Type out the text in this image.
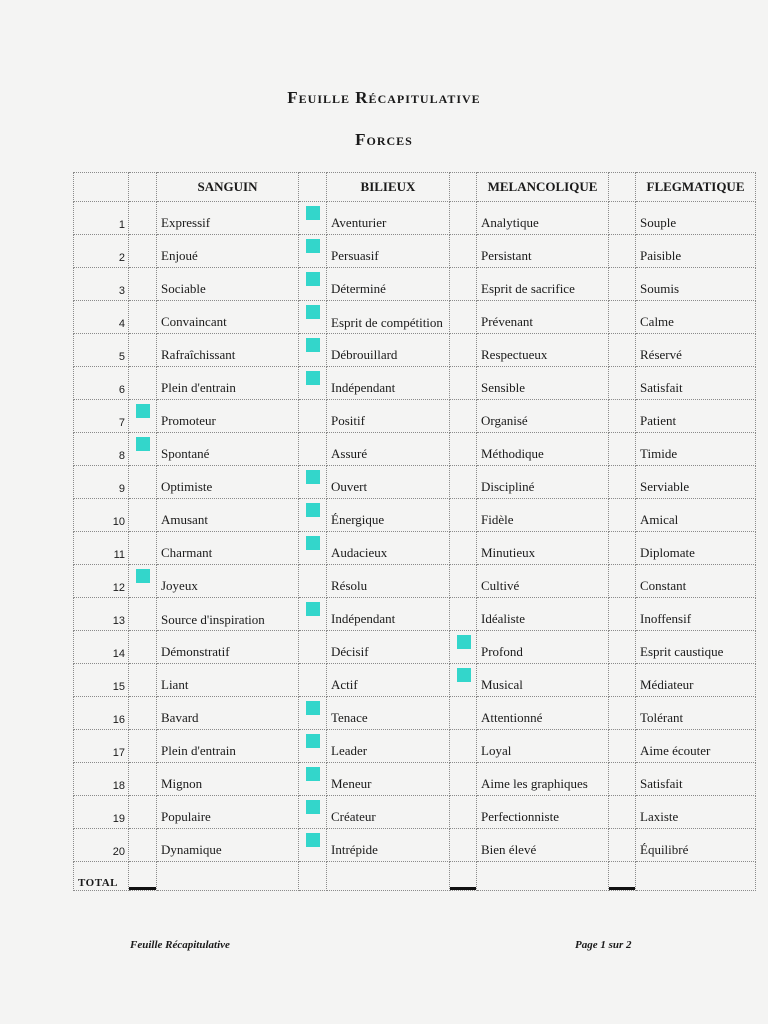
Feuille Récapitulative
Forces
		SANGUIN		BILIEUX		MELANCOLIQUE		FLEGMATIQUE
1		Expressif		Aventurier		Analytique		Souple
2		Enjoué		Persuasif		Persistant		Paisible
3		Sociable		Déterminé		Esprit de sacrifice		Soumis
4		Convaincant		Esprit de compétition		Prévenant		Calme
5		Rafraîchissant		Débrouillard		Respectueux		Réservé
6		Plein d'entrain		Indépendant		Sensible		Satisfait
7		Promoteur		Positif		Organisé		Patient
8		Spontané		Assuré		Méthodique		Timide
9		Optimiste		Ouvert		Discipliné		Serviable
10		Amusant		Énergique		Fidèle		Amical
11		Charmant		Audacieux		Minutieux		Diplomate
12		Joyeux		Résolu		Cultivé		Constant
13		Source d'inspiration		Indépendant		Idéaliste		Inoffensif
14		Démonstratif		Décisif		Profond		Esprit caustique
15		Liant		Actif		Musical		Médiateur
16		Bavard		Tenace		Attentionné		Tolérant
17		Plein d'entrain		Leader		Loyal		Aime écouter
18		Mignon		Meneur		Aime les graphiques		Satisfait
19		Populaire		Créateur		Perfectionniste		Laxiste
20		Dynamique		Intrépide		Bien élevé		Équilibré
TOTAL	

Feuille Récapitulative	Page 1 sur 2
